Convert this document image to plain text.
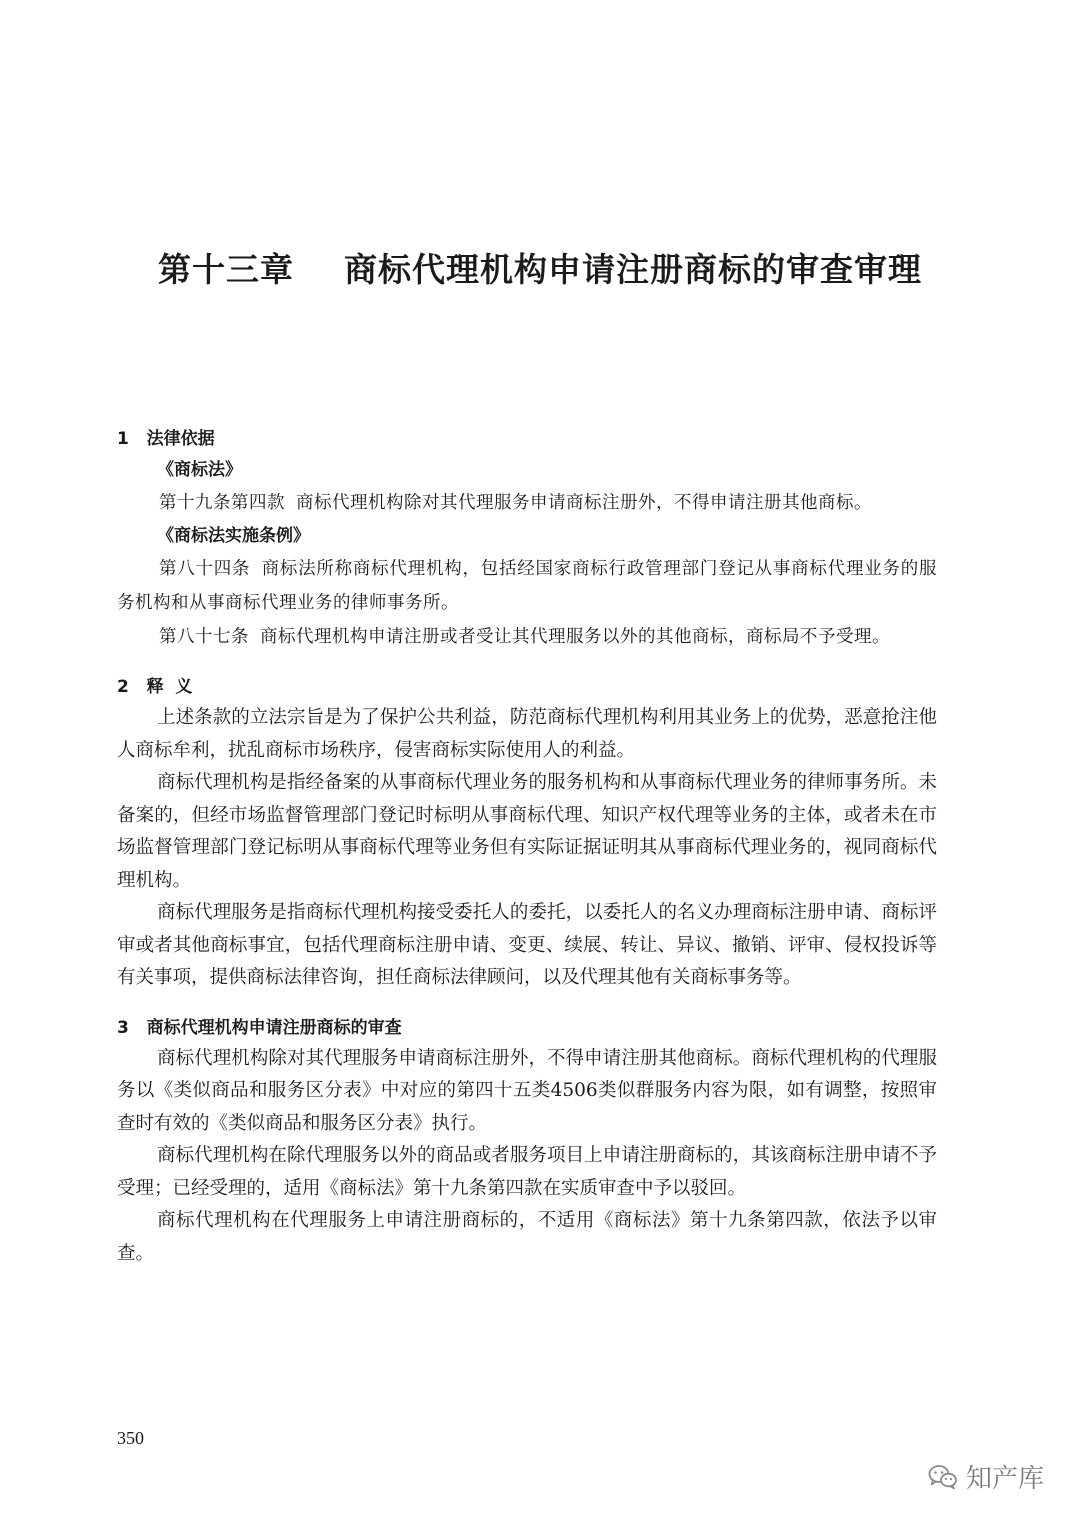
第十三章    商标代理机构申请注册商标的审查审理
1   法律依据
《商标法》

第十九条第四款 商标代理机构除对其代理服务申请商标注册外，不得申请注册其他商标。

《商标法实施条例》

第八十四条 商标法所称商标代理机构，包括经国家商标行政管理部门登记从事商标代理业务的服务机构和从事商标代理业务的律师事务所。

第八十七条 商标代理机构申请注册或者受让其代理服务以外的其他商标，商标局不予受理。

2   释  义

上述条款的立法宗旨是为了保护公共利益，防范商标代理机构利用其业务上的优势，恶意抢注他人商标牟利，扰乱商标市场秩序，侵害商标实际使用人的利益。

商标代理机构是指经备案的从事商标代理业务的服务机构和从事商标代理业务的律师事务所。未备案的，但经市场监督管理部门登记时标明从事商标代理、知识产权代理等业务的主体，或者未在市场监督管理部门登记标明从事商标代理等业务但有实际证据证明其从事商标代理业务的，视同商标代理机构。

商标代理服务是指商标代理机构接受委托人的委托，以委托人的名义办理商标注册申请、商标评审或者其他商标事宜，包括代理商标注册申请、变更、续展、转让、异议、撤销、评审、侵权投诉等有关事项，提供商标法律咨询，担任商标法律顾问，以及代理其他有关商标事务等。

3   商标代理机构申请注册商标的审查

商标代理机构除对其代理服务申请商标注册外，不得申请注册其他商标。商标代理机构的代理服务以《类似商品和服务区分表》中对应的第四十五类4506类似群服务内容为限，如有调整，按照审查时有效的《类似商品和服务区分表》执行。

商标代理机构在除代理服务以外的商品或者服务项目上申请注册商标的，其该商标注册申请不予受理；已经受理的，适用《商标法》第十九条第四款在实质审查中予以驳回。

商标代理机构在代理服务上申请注册商标的，不适用《商标法》第十九条第四款，依法予以审查。

350
知产库
